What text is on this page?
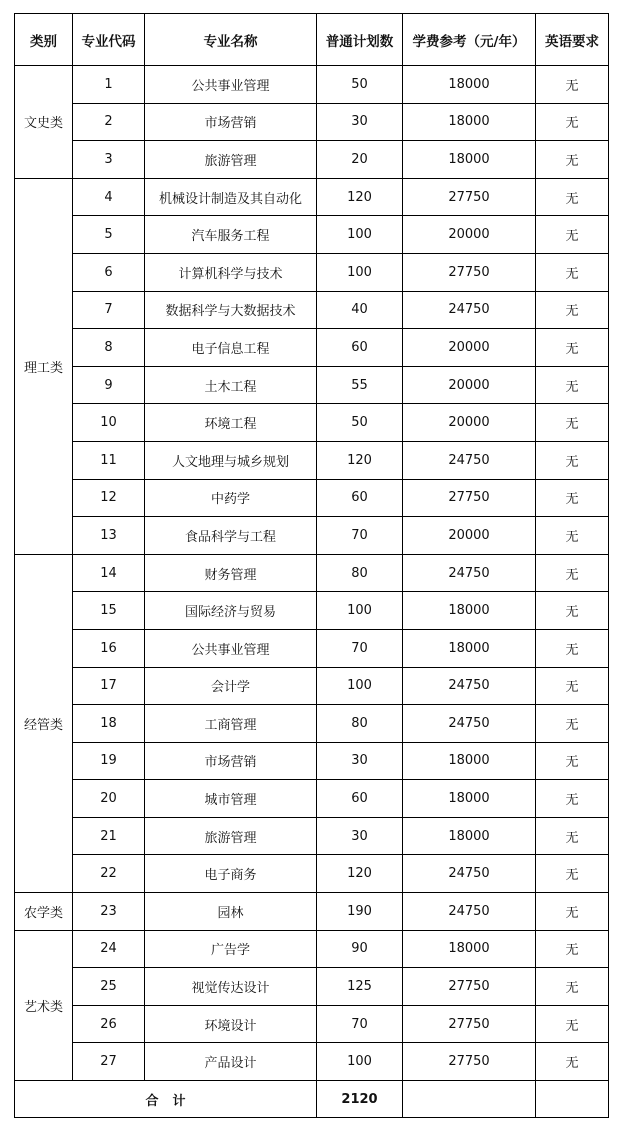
类别	专业代码	专业名称	普通计划数	学费参考（元/年）	英语要求
文史类	1	公共事业管理	50	18000	无
	2	市场营销	30	18000	无
	3	旅游管理	20	18000	无
理工类	4	机械设计制造及其自动化	120	27750	无
	5	汽车服务工程	100	20000	无
	6	计算机科学与技术	100	27750	无
	7	数据科学与大数据技术	40	24750	无
	8	电子信息工程	60	20000	无
	9	土木工程	55	20000	无
	10	环境工程	50	20000	无
	11	人文地理与城乡规划	120	24750	无
	12	中药学	60	27750	无
	13	食品科学与工程	70	20000	无
经管类	14	财务管理	80	24750	无
	15	国际经济与贸易	100	18000	无
	16	公共事业管理	70	18000	无
	17	会计学	100	24750	无
	18	工商管理	80	24750	无
	19	市场营销	30	18000	无
	20	城市管理	60	18000	无
	21	旅游管理	30	18000	无
	22	电子商务	120	24750	无
农学类	23	园林	190	24750	无
艺术类	24	广告学	90	18000	无
	25	视觉传达设计	125	27750	无
	26	环境设计	70	27750	无
	27	产品设计	100	27750	无
合计			2120		
